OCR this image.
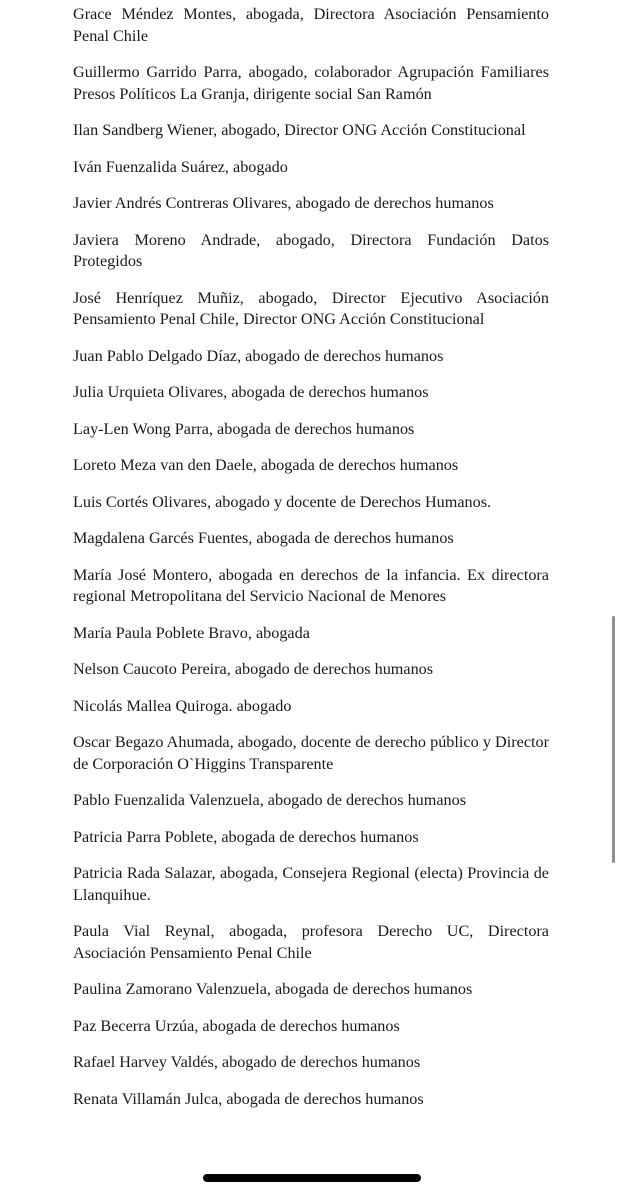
Grace Méndez Montes, abogada, Directora Asociación Pensamiento Penal Chile

Guillermo Garrido Parra, abogado, colaborador Agrupación Familiares Presos Políticos La Granja, dirigente social San Ramón

Ilan Sandberg Wiener, abogado, Director ONG Acción Constitucional

Iván Fuenzalida Suárez, abogado

Javier Andrés Contreras Olivares, abogado de derechos humanos

Javiera Moreno Andrade, abogado, Directora Fundación Datos Protegidos

José Henríquez Muñiz, abogado, Director Ejecutivo Asociación Pensamiento Penal Chile, Director ONG Acción Constitucional

Juan Pablo Delgado Díaz, abogado de derechos humanos

Julia Urquieta Olivares, abogada de derechos humanos

Lay-Len Wong Parra, abogada de derechos humanos

Loreto Meza van den Daele, abogada de derechos humanos

Luis Cortés Olivares, abogado y docente de Derechos Humanos.

Magdalena Garcés Fuentes, abogada de derechos humanos

María José Montero, abogada en derechos de la infancia. Ex directora regional Metropolitana del Servicio Nacional de Menores

María Paula Poblete Bravo, abogada

Nelson Caucoto Pereira, abogado de derechos humanos

Nicolás Mallea Quiroga. abogado

Oscar Begazo Ahumada, abogado, docente de derecho público y Director de Corporación O`Higgins Transparente

Pablo Fuenzalida Valenzuela, abogado de derechos humanos

Patricia Parra Poblete, abogada de derechos humanos

Patricia Rada Salazar, abogada, Consejera Regional (electa) Provincia de Llanquihue.

Paula Vial Reynal, abogada, profesora Derecho UC, Directora Asociación Pensamiento Penal Chile

Paulina Zamorano Valenzuela, abogada de derechos humanos

Paz Becerra Urzúa, abogada de derechos humanos

Rafael Harvey Valdés, abogado de derechos humanos

Renata Villamán Julca, abogada de derechos humanos
